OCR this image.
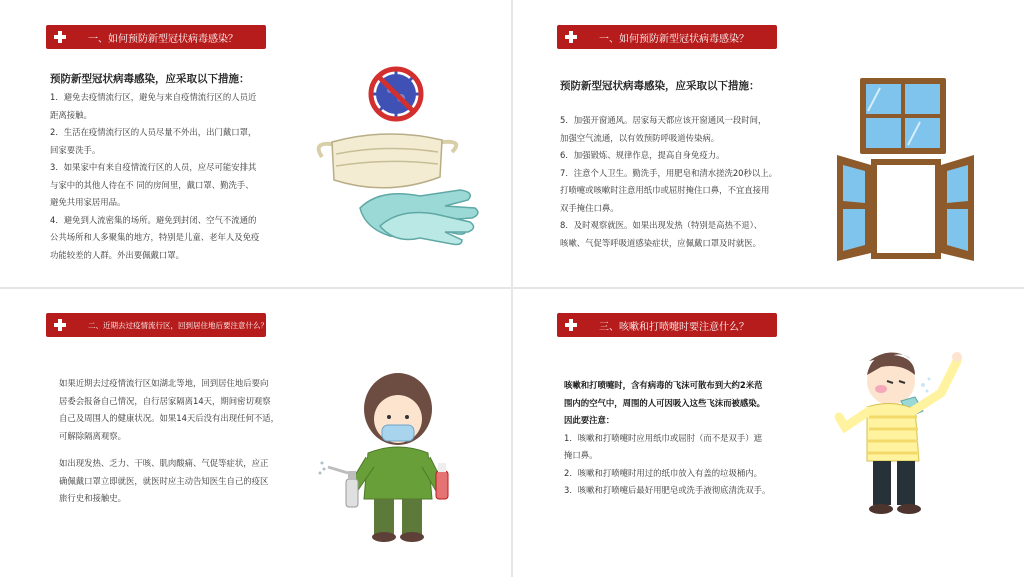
一、如何预防新型冠状病毒感染？
预防新型冠状病毒感染，应采取以下措施：

1．避免去疫情流行区，避免与来自疫情流行区的人员近

距离接触。

2．生活在疫情流行区的人员尽量不外出，出门戴口罩，

回家要洗手。

3．如果家中有来自疫情流行区的人员，应尽可能安排其

与家中的其他人待在不 同的房间里，戴口罩、勤洗手、

避免共用家居用品。

4．避免到人流密集的场所。避免到封闭、空气不流通的

公共场所和人多聚集的地方，特别是儿童、老年人及免疫

功能较差的人群。外出要佩戴口罩。

一、如何预防新型冠状病毒感染？
预防新型冠状病毒感染，应采取以下措施：

5．加强开窗通风。居家每天都应该开窗通风一段时间，

加强空气流通，以有效预防呼吸道传染病。

6．加强锻炼、规律作息，提高自身免疫力。

7．注意个人卫生。勤洗手，用肥皂和清水搓洗20秒以上。

打喷嚏或咳嗽时注意用纸巾或屈肘掩住口鼻，不宜直接用

双手掩住口鼻。

8．及时观察就医。如果出现发热（特别是高热不退）、

咳嗽、气促等呼吸道感染症状，应佩戴口罩及时就医。

二、近期去过疫情流行区，回到居住地后要注意什么？

如果近期去过疫情流行区如湖北等地，回到居住地后要向

居委会报备自己情况，自行居家隔离14天，期间密切观察

自己及周围人的健康状况。如果14天后没有出现任何不适，

可解除隔离观察。

如出现发热、乏力、干咳、肌肉酸痛、气促等症状，应正

确佩戴口罩立即就医，就医时应主动告知医生自己的疫区

旅行史和接触史。

三、咳嗽和打喷嚏时要注意什么？

咳嗽和打喷嚏时，含有病毒的飞沫可散布到大约2米范

围内的空气中，周围的人可因吸入这些飞沫而被感染。

因此要注意：

1．咳嗽和打喷嚏时应用纸巾或屈肘（而不是双手）遮

掩口鼻。

2．咳嗽和打喷嚏时用过的纸巾放入有盖的垃圾桶内。

3．咳嗽和打喷嚏后最好用肥皂或洗手液彻底清洗双手。
